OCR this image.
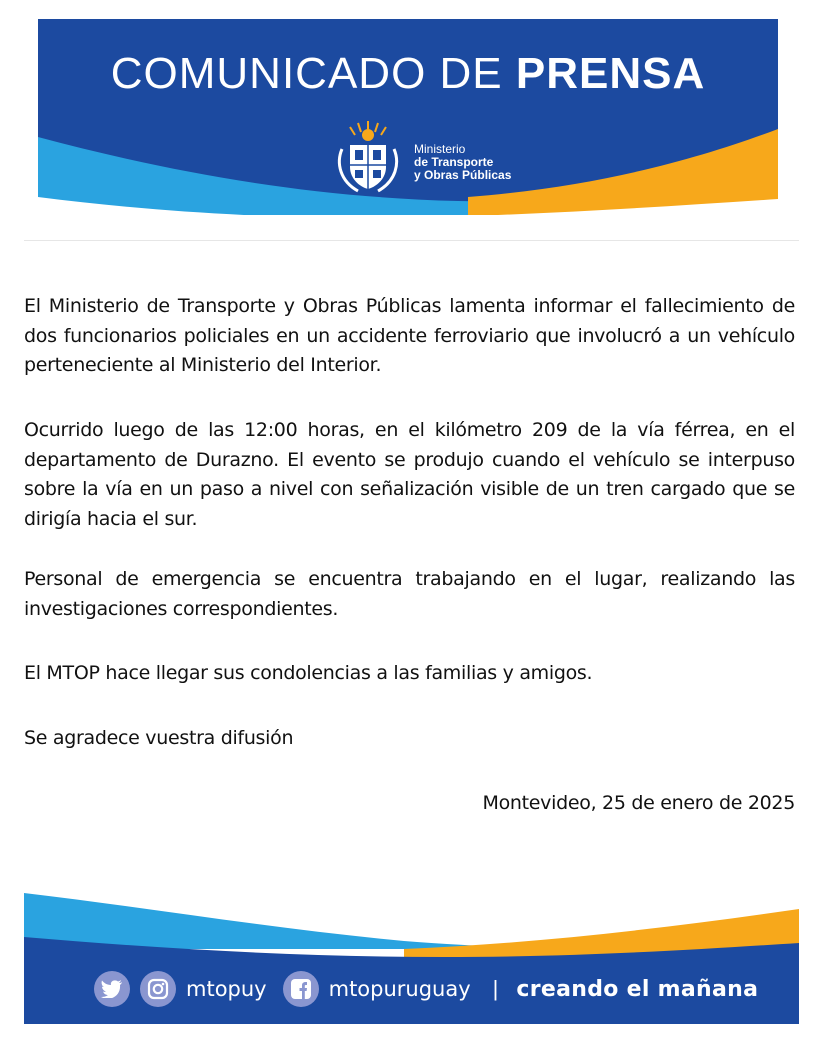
COMUNICADO DE PRENSA
Ministerio
de Transporte
y Obras Públicas

El Ministerio de Transporte y Obras Públicas lamenta informar el fallecimiento de dos funcionarios policiales en un accidente ferroviario que involucró a un vehículo perteneciente al Ministerio del Interior.

Ocurrido luego de las 12:00 horas, en el kilómetro 209 de la vía férrea, en el departamento de Durazno. El evento se produjo cuando el vehículo se interpuso sobre la vía en un paso a nivel con señalización visible de un tren cargado que se dirigía hacia el sur.

Personal de emergencia se encuentra trabajando en el lugar, realizando las investigaciones correspondientes.

El MTOP hace llegar sus condolencias a las familias y amigos.

Se agradece vuestra difusión

Montevideo, 25 de enero de 2025

mtopuy	mtopuruguay | creando el mañana
